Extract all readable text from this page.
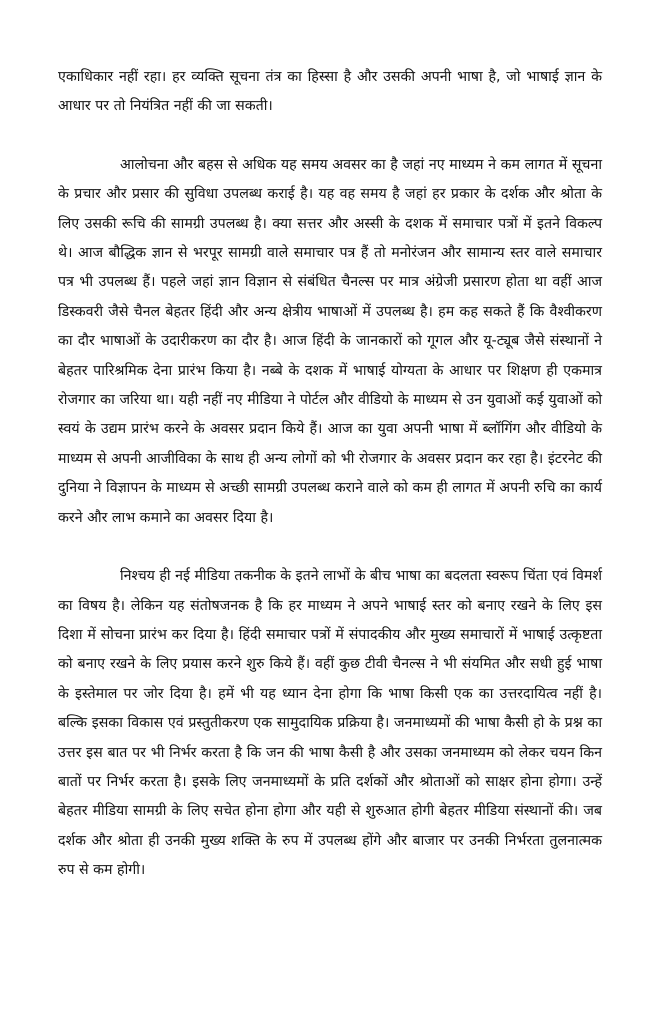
एकाधिकार नहीं रहा। हर व्यक्ति सूचना तंत्र का हिस्सा है और उसकी अपनी भाषा है, जो भाषाई ज्ञान के आधार पर तो नियंत्रित नहीं की जा सकती।

आलोचना और बहस से अधिक यह समय अवसर का है जहां नए माध्यम ने कम लागत में सूचना के प्रचार और प्रसार की सुविधा उपलब्ध कराई है। यह वह समय है जहां हर प्रकार के दर्शक और श्रोता के लिए उसकी रूचि की सामग्री उपलब्ध है। क्या सत्तर और अस्सी के दशक में समाचार पत्रों में इतने विकल्प थे। आज बौद्धिक ज्ञान से भरपूर सामग्री वाले समाचार पत्र हैं तो मनोरंजन और सामान्य स्तर वाले समाचार पत्र भी उपलब्ध हैं। पहले जहां ज्ञान विज्ञान से संबंधित चैनल्स पर मात्र अंग्रेजी प्रसारण होता था वहीं आज डिस्कवरी जैसे चैनल बेहतर हिंदी और अन्य क्षेत्रीय भाषाओं में उपलब्ध है। हम कह सकते हैं कि वैश्वीकरण का दौर भाषाओं के उदारीकरण का दौर है। आज हिंदी के जानकारों को गूगल और यू-ट्यूब जैसे संस्थानों ने बेहतर पारिश्रमिक देना प्रारंभ किया है। नब्बे के दशक में भाषाई योग्यता के आधार पर शिक्षण ही एकमात्र रोजगार का जरिया था। यही नहीं नए मीडिया ने पोर्टल और वीडियो के माध्यम से उन युवाओं कई युवाओं को स्वयं के उद्यम प्रारंभ करने के अवसर प्रदान किये हैं। आज का युवा अपनी भाषा में ब्लॉगिंग और वीडियो के माध्यम से अपनी आजीविका के साथ ही अन्य लोगों को भी रोजगार के अवसर प्रदान कर रहा है। इंटरनेट की दुनिया ने विज्ञापन के माध्यम से अच्छी सामग्री उपलब्ध कराने वाले को कम ही लागत में अपनी रुचि का कार्य करने और लाभ कमाने का अवसर दिया है।

निश्चय ही नई मीडिया तकनीक के इतने लाभों के बीच भाषा का बदलता स्वरूप चिंता एवं विमर्श का विषय है। लेकिन यह संतोषजनक है कि हर माध्यम ने अपने भाषाई स्तर को बनाए रखने के लिए इस दिशा में सोचना प्रारंभ कर दिया है। हिंदी समाचार पत्रों में संपादकीय और मुख्य समाचारों में भाषाई उत्कृष्टता को बनाए रखने के लिए प्रयास करने शुरु किये हैं। वहीं कुछ टीवी चैनल्स ने भी संयमित और सधी हुई भाषा के इस्तेमाल पर जोर दिया है। हमें भी यह ध्यान देना होगा कि भाषा किसी एक का उत्तरदायित्व नहीं है। बल्कि इसका विकास एवं प्रस्तुतीकरण एक सामुदायिक प्रक्रिया है। जनमाध्यमों की भाषा कैसी हो के प्रश्न का उत्तर इस बात पर भी निर्भर करता है कि जन की भाषा कैसी है और उसका जनमाध्यम को लेकर चयन किन बातों पर निर्भर करता है। इसके लिए जनमाध्यमों के प्रति दर्शकों और श्रोताओं को साक्षर होना होगा। उन्हें बेहतर मीडिया सामग्री के लिए सचेत होना होगा और यही से शुरुआत होगी बेहतर मीडिया संस्थानों की। जब दर्शक और श्रोता ही उनकी मुख्य शक्ति के रुप में उपलब्ध होंगे और बाजार पर उनकी निर्भरता तुलनात्मक रुप से कम होगी।
